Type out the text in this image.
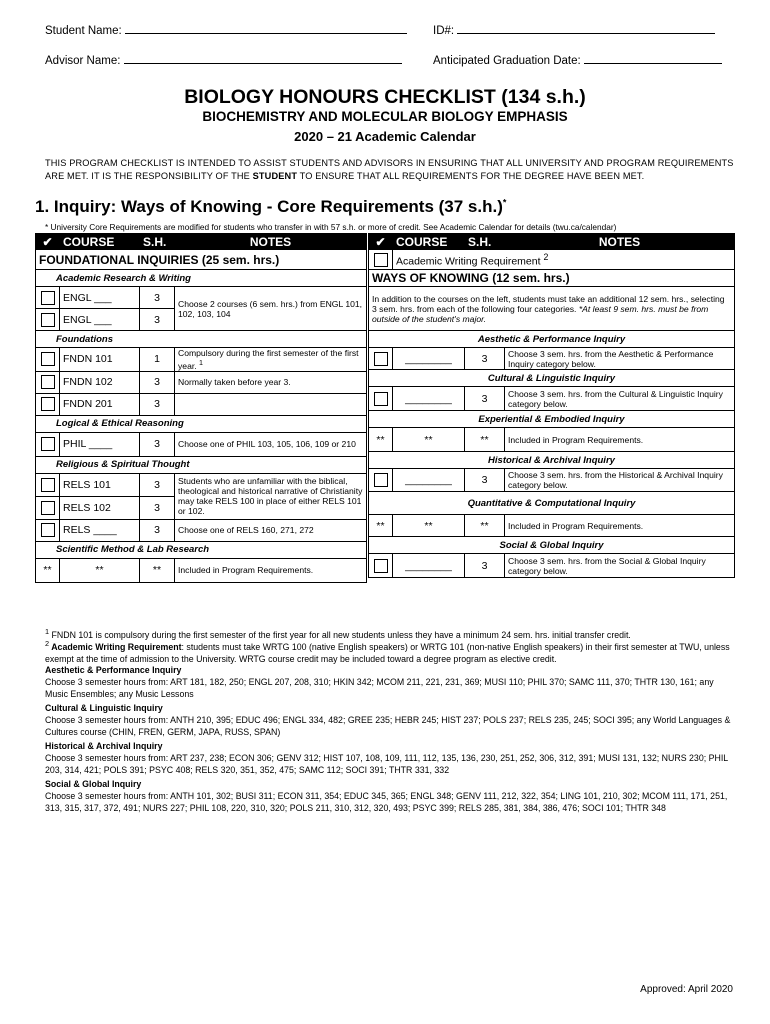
Student Name:	ID#:
Advisor Name:	Anticipated Graduation Date:
BIOLOGY HONOURS CHECKLIST (134 s.h.)
BIOCHEMISTRY AND MOLECULAR BIOLOGY EMPHASIS
2020 – 21 Academic Calendar
THIS PROGRAM CHECKLIST IS INTENDED TO ASSIST STUDENTS AND ADVISORS IN ENSURING THAT ALL UNIVERSITY AND PROGRAM REQUIREMENTS ARE MET. IT IS THE RESPONSIBILITY OF THE STUDENT TO ENSURE THAT ALL REQUIREMENTS FOR THE DEGREE HAVE BEEN MET.
1. Inquiry: Ways of Knowing - Core Requirements (37 s.h.)*
* University Core Requirements are modified for students who transfer in with 57 s.h. or more of credit. See Academic Calendar for details (twu.ca/calendar)
✔	COURSE	S.H.	NOTES
FOUNDATIONAL INQUIRIES (25 sem. hrs.)			
Academic Research & Writing			
	ENGL ___	3	Choose 2 courses (6 sem. hrs.) from ENGL 101, 102, 103, 104
	ENGL ___	3	
Foundations			
	FNDN 101	1	Compulsory during the first semester of the first year. $^1$
	FNDN 102	3	Normally taken before year 3.
	FNDN 201	3	
Logical & Ethical Reasoning			
	PHIL ____	3	Choose one of PHIL 103, 105, 106, 109 or 210
Religious & Spiritual Thought			
	RELS 101	3	Students who are unfamiliar with the biblical, theological and historical narrative of Christianity may take RELS 100 in place of either RELS 101 or 102.
	RELS 102	3	
	RELS ____	3	Choose one of RELS 160, 271, 272
Scientific Method & Lab Research			
**	**	**	Included in Program Requirements.
✔	COURSE	S.H.	NOTES
	Academic Writing Requirement $^2$
WAYS OF KNOWING (12 sem. hrs.)			
In addition to the courses on the left, students must take an additional 12 sem. hrs., selecting 3 sem. hrs. from each of the following four categories. *At least 9 sem. hrs. must be from outside of the student's major.			
Aesthetic & Performance Inquiry			
	________	3	Choose 3 sem. hrs. from the Aesthetic & Performance Inquiry category below.
Cultural & Linguistic Inquiry			
	________	3	Choose 3 sem. hrs. from the Cultural & Linguistic Inquiry category below.
Experiential & Embodied Inquiry			
**	**	**	Included in Program Requirements.
Historical & Archival Inquiry			
	________	3	Choose 3 sem. hrs. from the Historical & Archival Inquiry category below.
Quantitative & Computational Inquiry			
**	**	**	Included in Program Requirements.
Social & Global Inquiry			
	________	3	Choose 3 sem. hrs. from the Social & Global Inquiry category below.
$^1$ FNDN 101 is compulsory during the first semester of the first year for all new students unless they have a minimum 24 sem. hrs. initial transfer credit.
$^2$ Academic Writing Requirement: students must take WRTG 100 (native English speakers) or WRTG 101 (non-native English speakers) in their first semester at TWU, unless exempt at the time of admission to the University. WRTG course credit may be included toward a degree program as elective credit.
Aesthetic & Performance Inquiry
Choose 3 semester hours from: ART 181, 182, 250; ENGL 207, 208, 310; HKIN 342; MCOM 211, 221, 231, 369; MUSI 110; PHIL 370; SAMC 111, 370; THTR 130, 161; any Music Ensembles; any Music Lessons
Cultural & Linguistic Inquiry
Choose 3 semester hours from: ANTH 210, 395; EDUC 496; ENGL 334, 482; GREE 235; HEBR 245; HIST 237; POLS 237; RELS 235, 245; SOCI 395; any World Languages & Cultures course (CHIN, FREN, GERM, JAPA, RUSS, SPAN)
Historical & Archival Inquiry
Choose 3 semester hours from: ART 237, 238; ECON 306; GENV 312; HIST 107, 108, 109, 111, 112, 135, 136, 230, 251, 252, 306, 312, 391; MUSI 131, 132; NURS 230; PHIL 203, 314, 421; POLS 391; PSYC 408; RELS 320, 351, 352, 475; SAMC 112; SOCI 391; THTR 331, 332
Social & Global Inquiry
Choose 3 semester hours from: ANTH 101, 302; BUSI 311; ECON 311, 354; EDUC 345, 365; ENGL 348; GENV 111, 212, 322, 354; LING 101, 210, 302; MCOM 111, 171, 251, 313, 315, 317, 372, 491; NURS 227; PHIL 108, 220, 310, 320; POLS 211, 310, 312, 320, 493; PSYC 399; RELS 285, 381, 384, 386, 476; SOCI 101; THTR 348
Approved: April 2020
